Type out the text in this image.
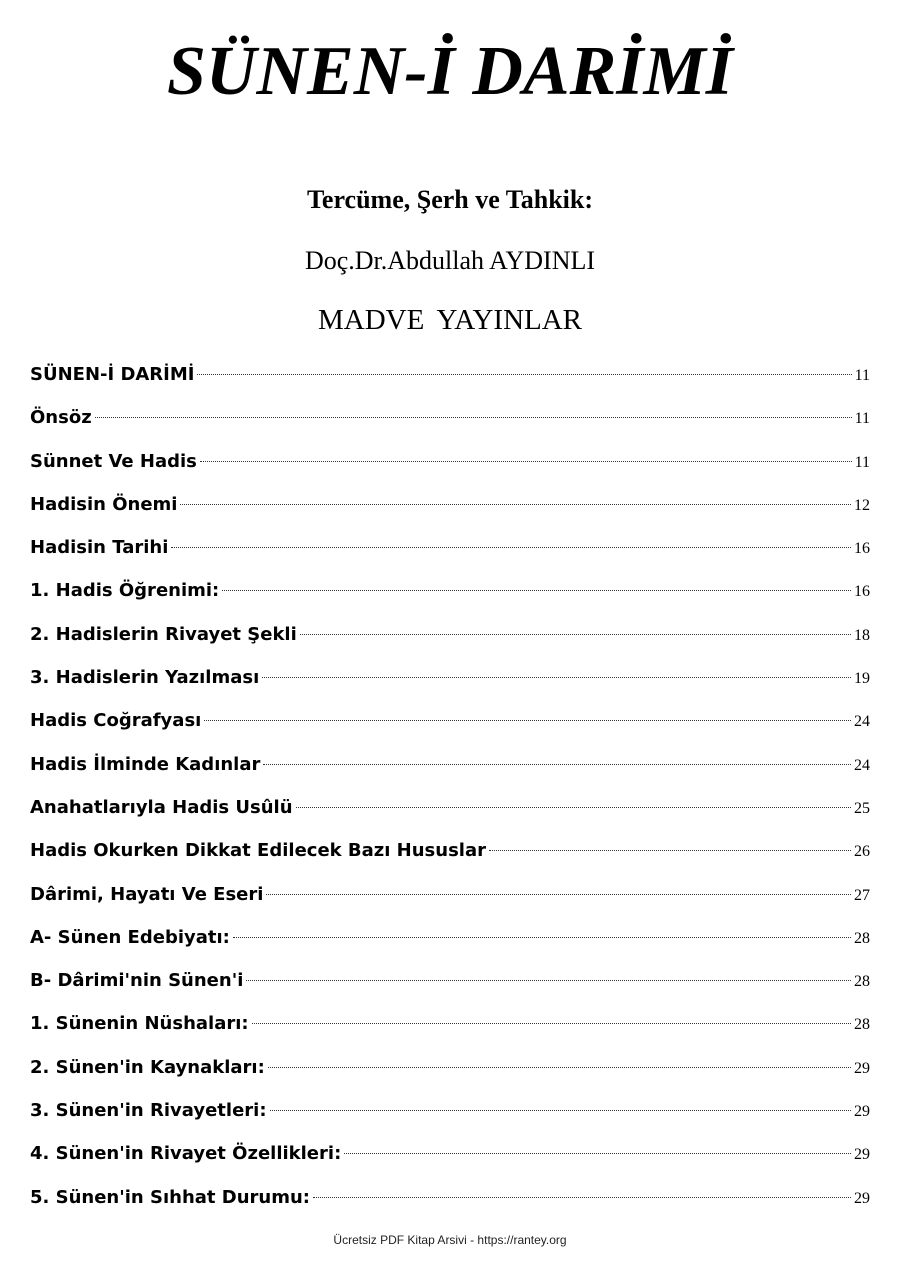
SÜNEN-İ DARİMİ

Tercüme, Şerh ve Tahkik:

Doç.Dr.Abdullah AYDINLI

MADVE YAYINLAR

SÜNEN-İ DARİMİ	11
Önsöz	11
Sünnet Ve Hadis	11
Hadisin Önemi	12
Hadisin Tarihi	16
1. Hadis Öğrenimi:	16
2. Hadislerin Rivayet Şekli	18
3. Hadislerin Yazılması	19
Hadis Coğrafyası	24
Hadis İlminde Kadınlar	24
Anahatlarıyla Hadis Usûlü	25
Hadis Okurken Dikkat Edilecek Bazı Hususlar	26
Dârimi, Hayatı Ve Eseri	27
A- Sünen Edebiyatı:	28
B- Dârimi'nin Sünen'i	28
1. Sünenin Nüshaları:	28
2. Sünen'in Kaynakları:	29
3. Sünen'in Rivayetleri:	29
4. Sünen'in Rivayet Özellikleri:	29
5. Sünen'in Sıhhat Durumu:	29
Ücretsiz PDF Kitap Arsivi - https://rantey.org
